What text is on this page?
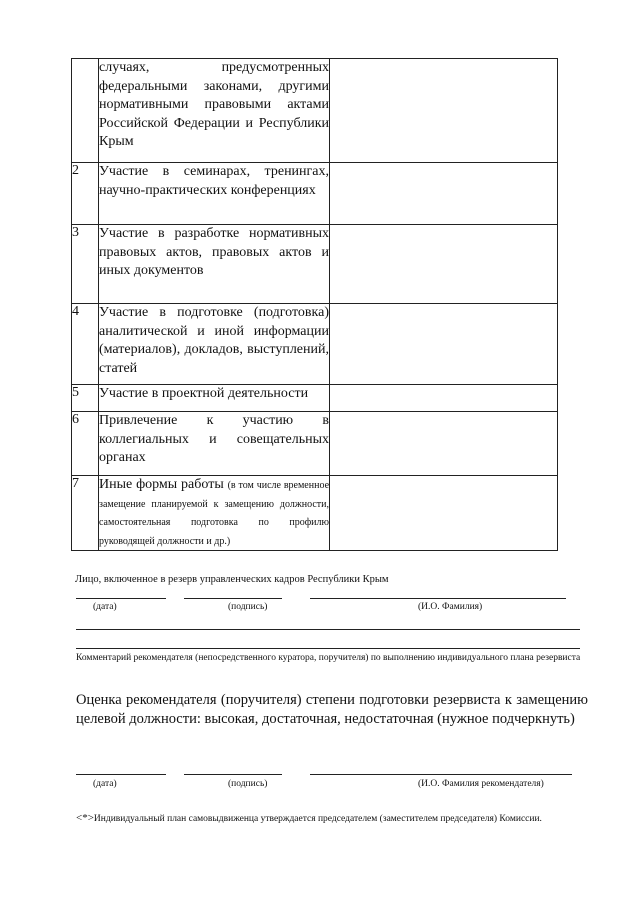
	случаях, предусмотренных федеральными законами, другими нормативными правовыми актами Российской Федерации и Республики Крым	
2	Участие в семинарах, тренингах, научно-практических конференциях	
3	Участие в разработке нормативных правовых актов, правовых актов и иных документов	
4	Участие в подготовке (подготовка) аналитической и иной информации (материалов), докладов, выступлений, статей	
5	Участие в проектной деятельности	
6	Привлечение к участию в коллегиальных и совещательных органах	
7	Иные формы работы (в том числе временное замещение планируемой к замещению должности, самостоятельная подготовка по профилю руководящей должности и др.)	
Лицо, включенное в резерв управленческих кадров Республики Крым
(дата)	(подпись)	(И.О. Фамилия)
Комментарий рекомендателя (непосредственного куратора, поручителя) по выполнению индивидуального плана резервиста
Оценка рекомендателя (поручителя) степени подготовки резервиста к замещению целевой должности: высокая, достаточная, недостаточная (нужное подчеркнуть)
(дата)	(подпись)	(И.О. Фамилия рекомендателя)
<*>Индивидуальный план самовыдвиженца утверждается председателем (заместителем председателя) Комиссии.
